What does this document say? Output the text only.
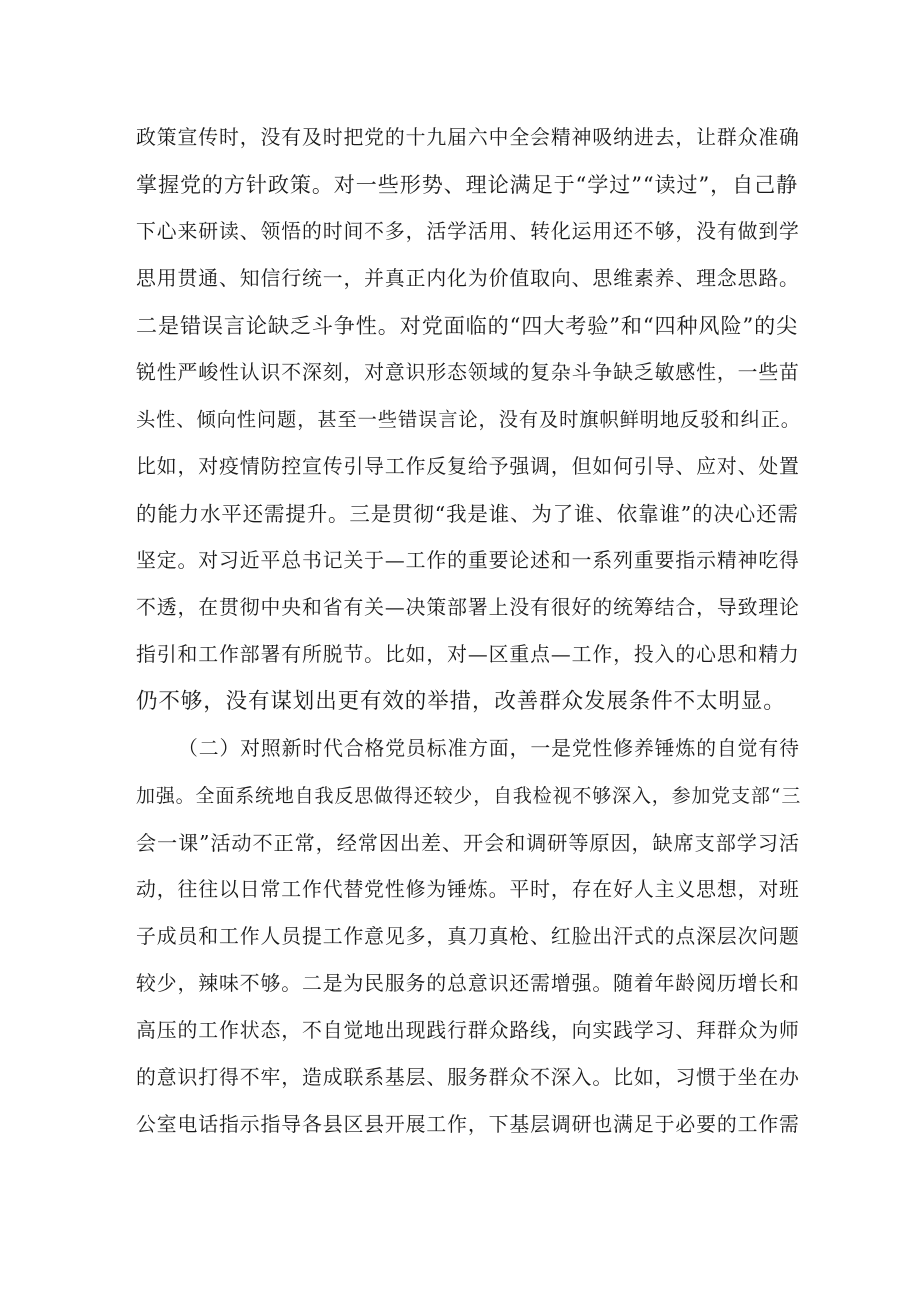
政策宣传时，没有及时把党的十九届六中全会精神吸纳进去，让群众准确
掌握党的方针政策。对一些形势、理论满足于“学过”“读过”，自己静
下心来研读、领悟的时间不多，活学活用、转化运用还不够，没有做到学
思用贯通、知信行统一，并真正内化为价值取向、思维素养、理念思路。
二是错误言论缺乏斗争性。对党面临的“四大考验”和“四种风险”的尖
锐性严峻性认识不深刻，对意识形态领域的复杂斗争缺乏敏感性，一些苗
头性、倾向性问题，甚至一些错误言论，没有及时旗帜鲜明地反驳和纠正。
比如，对疫情防控宣传引导工作反复给予强调，但如何引导、应对、处置
的能力水平还需提升。三是贯彻“我是谁、为了谁、依靠谁”的决心还需
坚定。对习近平总书记关于—工作的重要论述和一系列重要指示精神吃得
不透，在贯彻中央和省有关—决策部署上没有很好的统筹结合，导致理论
指引和工作部署有所脱节。比如，对—区重点—工作，投入的心思和精力
仍不够，没有谋划出更有效的举措，改善群众发展条件不太明显。
（二）对照新时代合格党员标准方面，一是党性修养锤炼的自觉有待
加强。全面系统地自我反思做得还较少，自我检视不够深入，参加党支部“三
会一课”活动不正常，经常因出差、开会和调研等原因，缺席支部学习活
动，往往以日常工作代替党性修为锤炼。平时，存在好人主义思想，对班
子成员和工作人员提工作意见多，真刀真枪、红脸出汗式的点深层次问题
较少，辣味不够。二是为民服务的总意识还需增强。随着年龄阅历增长和
高压的工作状态，不自觉地出现践行群众路线，向实践学习、拜群众为师
的意识打得不牢，造成联系基层、服务群众不深入。比如，习惯于坐在办
公室电话指示指导各县区县开展工作，下基层调研也满足于必要的工作需
